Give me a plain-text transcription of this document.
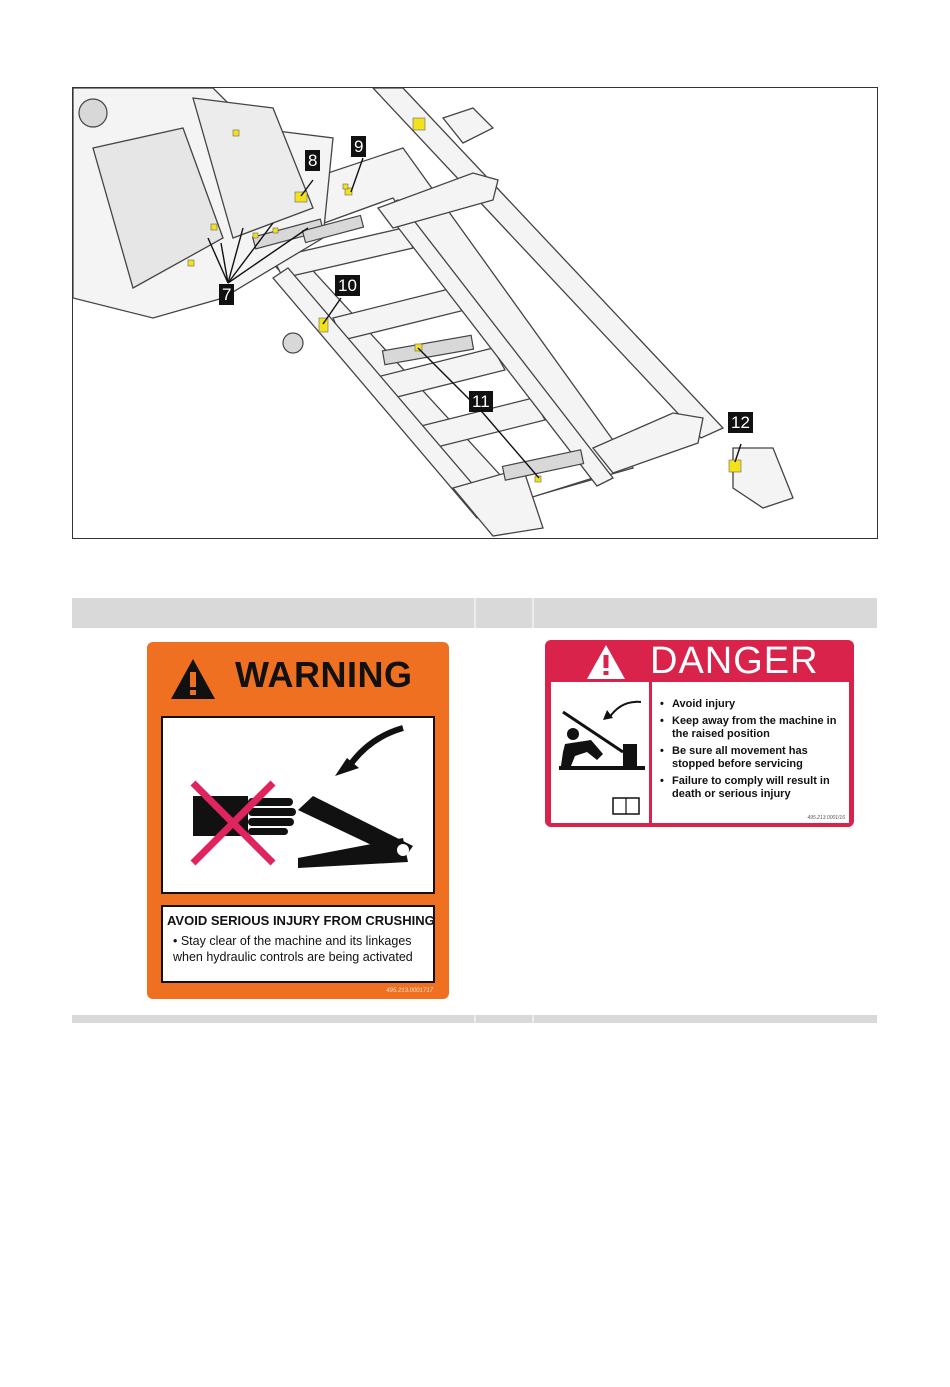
7
8
9
10
11
12
WARNING
AVOID SERIOUS INJURY FROM CRUSHING
• Stay clear of the machine and its linkages when hydraulic controls are being activated
495.213.0001717
DANGER
• Avoid injury
• Keep away from the machine in the raised position
• Be sure all movement has stopped before servicing
• Failure to comply will result in death or serious injury
495.213.0001/16
